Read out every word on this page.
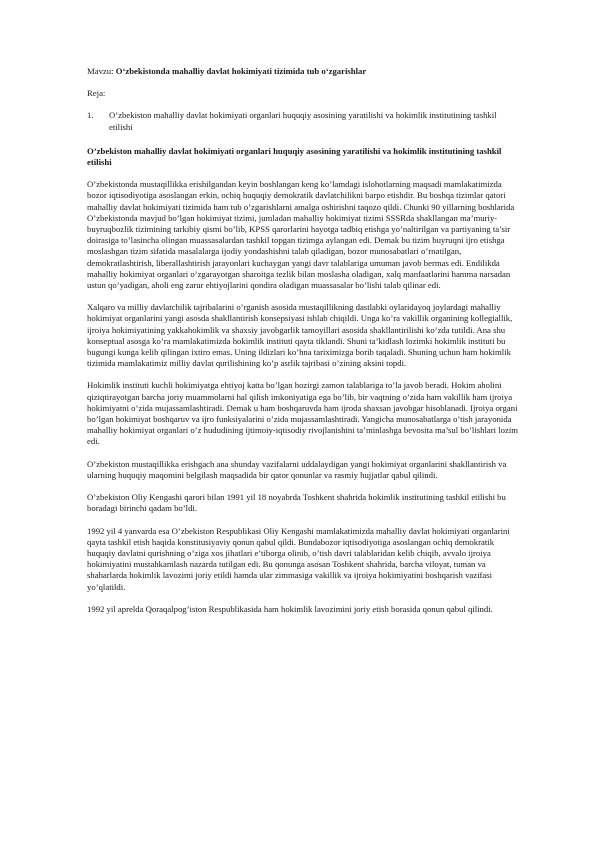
Mavzu: O‘zbekistonda mahalliy davlat hokimiyati tizimida tub o‘zgarishlar

Reja:

1.	O’zbekiston mahalliy davlat hokimiyati organlari huquqiy asosining yaratilishi va hokimlik institutining tashkil etilishi

O’zbekiston mahalliy davlat hokimiyati organlari huquqiy asosining yaratilishi va hokimlik institutining tashkil etilishi

O’zbekistonda mustaqillikka erishilgandan keyin boshlangan keng ko’lamdagi islohotlarning maqsadi mamlakatimizda bozor iqtisodiyotiga asoslangan erkin, ochiq huquqiy demokratik davlatchilikni barpo etishdir. Bu boshqa tizimlar qatori mahalliy davlat hokimiyati tizimida ham tub o’zgarishlarni amalga oshirishni taqozo qildi. Chunki 90 yillarning boshlarida O’zbekistonda mavjud bo’lgan hokimiyat tizimi, jumladan mahalliy hokimiyat tizimi SSSRda shakllangan ma’muriy-buyruqbozlik tizimining tarkibiy qismi bo’lib, KPSS qarorlarini hayotga tadbiq etishga yo’naltirilgan va partiyaning ta’sir doirasiga to’lasincha olingan muassasalardan tashkil topgan tizimga aylangan edi. Demak bu tizim buyruqni ijro etishga moslashgan tizim sifatida masalalarga ijodiy yondashishni talab qiladigan, bozor munosabatlari o’rnatilgan, demokratlashtirish, liberallashtirish jarayonlari kuchaygan yangi davr talablariga umuman javob bermas edi. Endilikda mahalliy hokimiyat organlari o’zgarayotgan sharoitga tezlik bilan moslasha oladigan, xalq manfaatlarini hamma narsadan ustun qo’yadigan, aholi eng zarur ehtiyojlarini qondira oladigan muassasalar bo’lishi talab qilinar edi.

Xalqaro va milliy davlatchilik tajribalarini o’rganish asosida mustaqillikning dastlabki oylaridayoq joylardagi mahalliy hokimiyat organlarini yangi asosda shakllantirish konsepsiyasi ishlab chiqildi. Unga ko’ra vakillik organining kollegiallik, ijroiya hokimiyatining yakkahokimlik va shaxsiy javobgarlik tamoyillari asosida shakllantirilishi ko’zda tutildi. Ana shu konseptual asosga ko’ra mamlakatimizda hokimlik instituti qayta tiklandi. Shuni ta’kidlash lozimki hokimlik instituti bu bugungi kunga kelib qilingan ixtiro emas. Uning ildizlari ko’hna tariximizga borib taqaladi. Shuning uchun ham hokimlik tizimida mamlakatimiz milliy davlat qurilishining ko’p asrlik tajribasi o’zining aksini topdi.

Hokimlik instituti kuchli hokimiyatga ehtiyoj katta bo’lgan hozirgi zamon talablariga to’la javob beradi. Hokim aholini qiziqtirayotgan barcha joriy muammolarni hal qilish imkoniyatiga ega bo’lib, bir vaqtning o’zida ham vakillik ham ijroiya hokimiyatni o’zida mujassamlashtiradi. Demak u ham boshqaruvda ham ijroda shaxsan javobgar hisoblanadi. Ijroiya organi bo’lgan hokimiyat boshqaruv va ijro funksiyalarini o’zida mujassamlashtiradi. Yangicha munosabatlarga o’tish jarayonida mahalliy hokimiyat organlari o’z hududining ijtimoiy-iqtisodiy rivojlanishini ta’minlashga bevosita ma’sul bo’lishlari lozim edi.

O’zbekiston mustaqillikka erishgach ana shunday vazifalarni uddalaydigan yangi hokimiyat organlarini shakllantirish va ularning huquqiy maqomini belgilash maqsadida bir qator qonunlar va rasmiy hujjatlar qabul qilindi.

O’zbekiston Oliy Kengashi qarori bilan 1991 yil 18 noyabrda Toshkent shahrida hokimlik institutining tashkil etilishi bu boradagi birinchi qadam bo’ldi.

1992 yil 4 yanvarda esa O’zbekiston Respublikasi Oliy Kengashi mamlakatimizda mahalliy davlat hokimiyati organlarini qayta tashkil etish haqida konstitusiyaviy qonun qabul qildi. Bundabozor iqtisodiyotiga asoslangan ochiq demokratik huquqiy davlatni qurishning o’ziga xos jihatlari e’tiborga olinib, o’tish davri talablaridan kelib chiqib, avvalo ijroiya hokimiyatini mustahkamlash nazarda tutilgan edi. Bu qonunga asosan Toshkent shahrida, barcha viloyat, tuman va shaharlarda hokimlik lavozimi joriy etildi hamda ular zimmasiga vakillik va ijroiya hokimiyatini boshqarish vazifasi yo’qlatildi.

1992 yil aprelda Qoraqalpog’iston Respublikasida ham hokimlik lavozimini joriy etish borasida qonun qabul qilindi.
